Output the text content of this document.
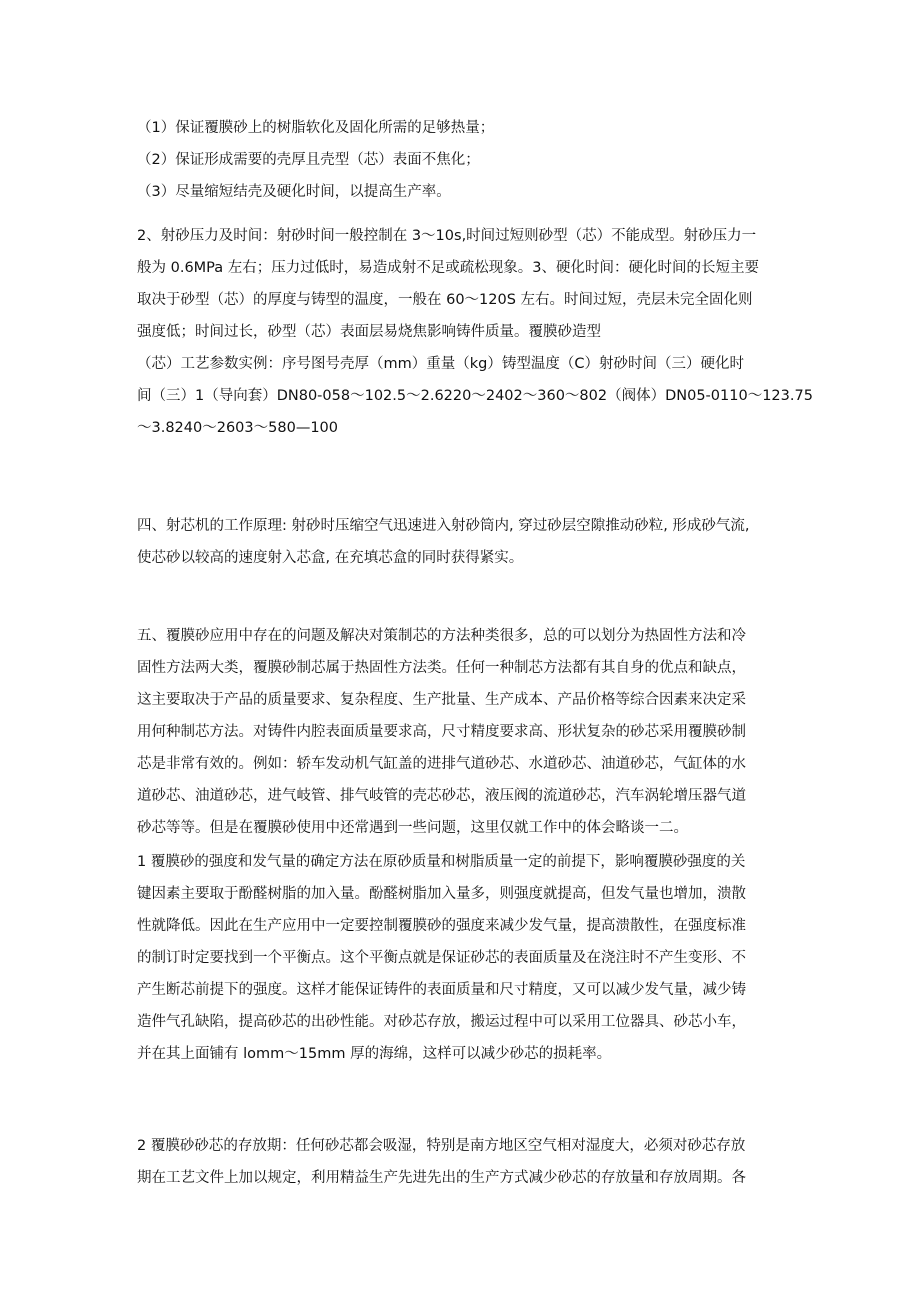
（1）保证覆膜砂上的树脂软化及固化所需的足够热量；
（2）保证形成需要的壳厚且壳型（芯）表面不焦化；
（3）尽量缩短结壳及硬化时间，以提高生产率。
2、射砂压力及时间：射砂时间一般控制在 3～10s,时间过短则砂型（芯）不能成型。射砂压力一
般为 0.6MPa 左右；压力过低时，易造成射不足或疏松现象。3、硬化时间：硬化时间的长短主要
取决于砂型（芯）的厚度与铸型的温度，一般在 60～120S 左右。时间过短，壳层未完全固化则
强度低；时间过长，砂型（芯）表面层易烧焦影响铸件质量。覆膜砂造型
（芯）工艺参数实例：序号图号壳厚（mm）重量（kg）铸型温度（C）射砂时间（三）硬化时
间（三）1（导向套）DN80-058～102.5～2.6220～2402～360～802（阀体）DN05-0110～123.75
～3.8240～2603～580—100
四、射芯机的工作原理: 射砂时压缩空气迅速进入射砂筒内, 穿过砂层空隙推动砂粒, 形成砂气流,
使芯砂以较高的速度射入芯盒, 在充填芯盒的同时获得紧实。
五、覆膜砂应用中存在的问题及解决对策制芯的方法种类很多，总的可以划分为热固性方法和冷
固性方法两大类，覆膜砂制芯属于热固性方法类。任何一种制芯方法都有其自身的优点和缺点，
这主要取决于产品的质量要求、复杂程度、生产批量、生产成本、产品价格等综合因素来决定采
用何种制芯方法。对铸件内腔表面质量要求高，尺寸精度要求高、形状复杂的砂芯采用覆膜砂制
芯是非常有效的。例如：轿车发动机气缸盖的进排气道砂芯、水道砂芯、油道砂芯，气缸体的水
道砂芯、油道砂芯，进气岐管、排气岐管的壳芯砂芯，液压阀的流道砂芯，汽车涡轮增压器气道
砂芯等等。但是在覆膜砂使用中还常遇到一些问题，这里仅就工作中的体会略谈一二。
1 覆膜砂的强度和发气量的确定方法在原砂质量和树脂质量一定的前提下，影响覆膜砂强度的关
键因素主要取于酚醛树脂的加入量。酚醛树脂加入量多，则强度就提高，但发气量也增加，溃散
性就降低。因此在生产应用中一定要控制覆膜砂的强度来减少发气量，提高溃散性，在强度标准
的制订时定要找到一个平衡点。这个平衡点就是保证砂芯的表面质量及在浇注时不产生变形、不
产生断芯前提下的强度。这样才能保证铸件的表面质量和尺寸精度，又可以减少发气量，减少铸
造件气孔缺陷，提高砂芯的出砂性能。对砂芯存放，搬运过程中可以采用工位器具、砂芯小车，
并在其上面铺有 lomm～15mm 厚的海绵，这样可以减少砂芯的损耗率。
2 覆膜砂砂芯的存放期：任何砂芯都会吸湿，特别是南方地区空气相对湿度大，必须对砂芯存放
期在工艺文件上加以规定，利用精益生产先进先出的生产方式减少砂芯的存放量和存放周期。各
